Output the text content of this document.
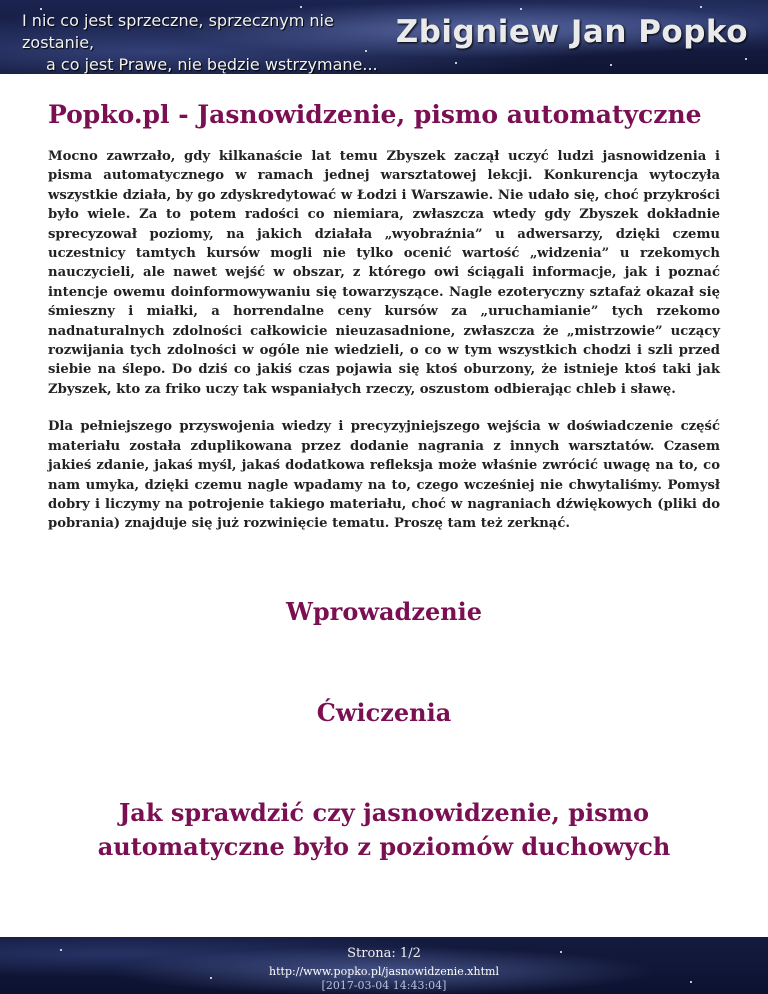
I nic co jest sprzeczne, sprzecznym nie zostanie,
a co jest Prawe, nie będzie wstrzymane...
Zbigniew Jan Popko
Popko.pl - Jasnowidzenie, pismo automatyczne

Mocno zawrzało, gdy kilkanaście lat temu Zbyszek zaczął uczyć ludzi jasnowidzenia i pisma automatycznego w ramach jednej warsztatowej lekcji. Konkurencja wytoczyła wszystkie działa, by go zdyskredytować w Łodzi i Warszawie. Nie udało się, choć przykrości było wiele. Za to potem radości co niemiara, zwłaszcza wtedy gdy Zbyszek dokładnie sprecyzował poziomy, na jakich działała „wyobraźnia” u adwersarzy, dzięki czemu uczestnicy tamtych kursów mogli nie tylko ocenić wartość „widzenia” u rzekomych nauczycieli, ale nawet wejść w obszar, z którego owi ściągali informacje, jak i poznać intencje owemu doinformowywaniu się towarzyszące. Nagle ezoteryczny sztafaż okazał się śmieszny i miałki, a horrendalne ceny kursów za „uruchamianie” tych rzekomo nadnaturalnych zdolności całkowicie nieuzasadnione, zwłaszcza że „mistrzowie” uczący rozwijania tych zdolności w ogóle nie wiedzieli, o co w tym wszystkich chodzi i szli przed siebie na ślepo. Do dziś co jakiś czas pojawia się ktoś oburzony, że istnieje ktoś taki jak Zbyszek, kto za friko uczy tak wspaniałych rzeczy, oszustom odbierając chleb i sławę.

Dla pełniejszego przyswojenia wiedzy i precyzyjniejszego wejścia w doświadczenie część materiału została zduplikowana przez dodanie nagrania z innych warsztatów. Czasem jakieś zdanie, jakaś myśl, jakaś dodatkowa refleksja może właśnie zwrócić uwagę na to, co nam umyka, dzięki czemu nagle wpadamy na to, czego wcześniej nie chwytaliśmy. Pomysł dobry i liczymy na potrojenie takiego materiału, choć w nagraniach dźwiękowych (pliki do pobrania) znajduje się już rozwinięcie tematu. Proszę tam też zerknąć.

Wprowadzenie
Ćwiczenia
Jak sprawdzić czy jasnowidzenie, pismo automatyczne było z poziomów duchowych
Strona: 1/2
http://www.popko.pl/jasnowidzenie.xhtml
[2017-03-04 14:43:04]
